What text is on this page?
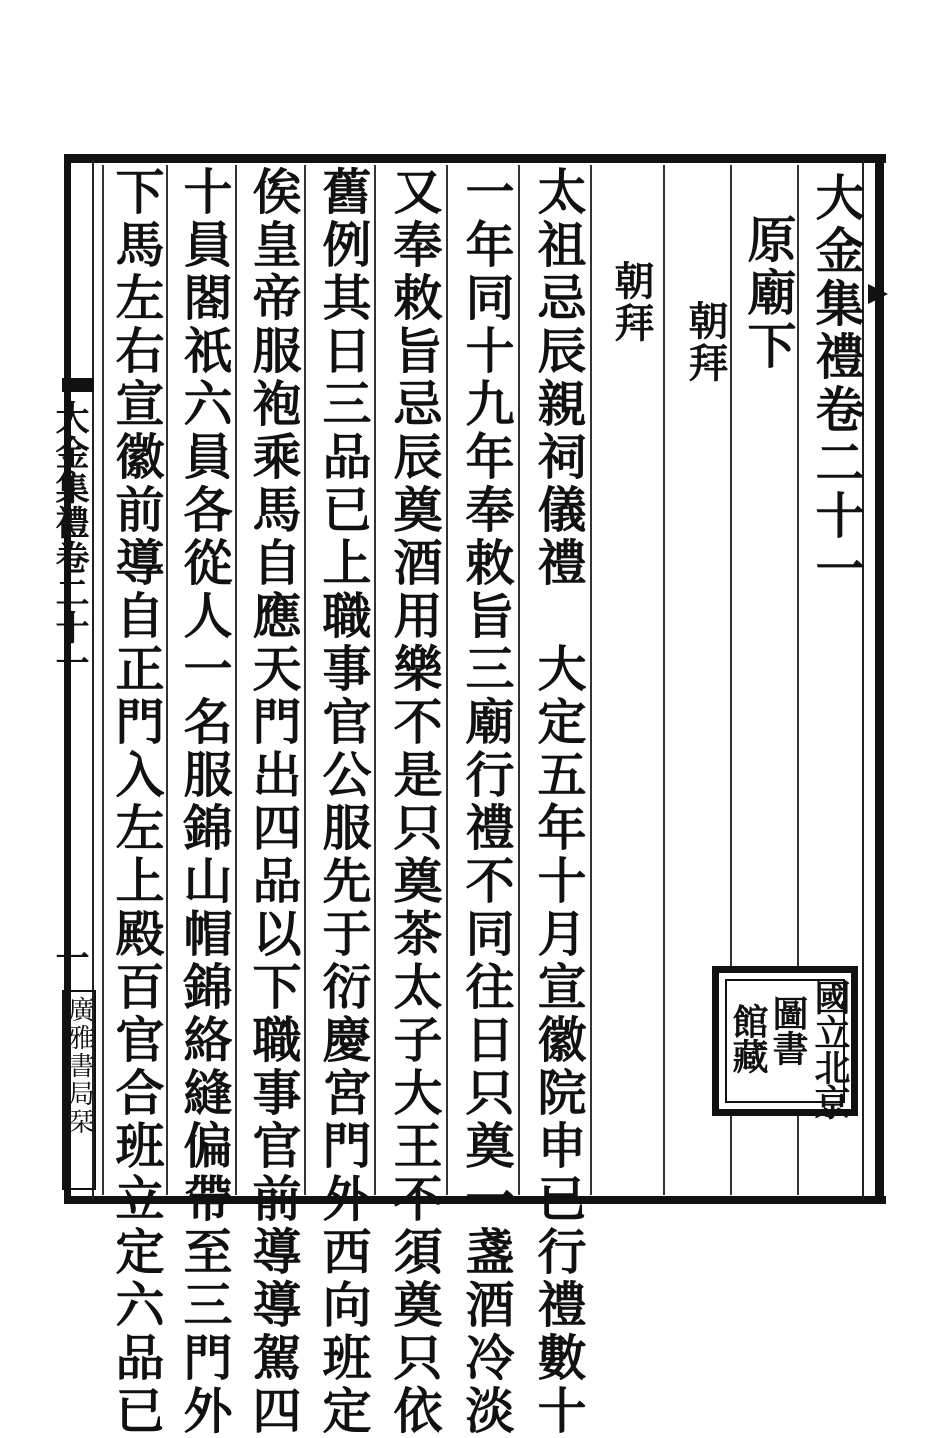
大金集禮卷二十一
原廟下
朝拜
朝拜
太祖忌辰親祠儀禮　大定五年十月宣徽院申已行禮數十
一年同十九年奉敕旨三廟行禮不同往日只奠一盞酒冷淡
又奉敕旨忌辰奠酒用樂不是只奠茶太子大王不須奠只依
舊例其日三品已上職事官公服先于衍慶宮門外西向班定
俟皇帝服袍乘馬自應天門出四品以下職事官前導導駕四
十員閤祇六員各從人一名服錦山帽錦絡縫偏帶至三門外
下馬左右宣徽前導自正門入左上殿百官合班立定六品已
大金集禮卷二十一
一
廣雅書局栞	國立北京
圖書
館藏
